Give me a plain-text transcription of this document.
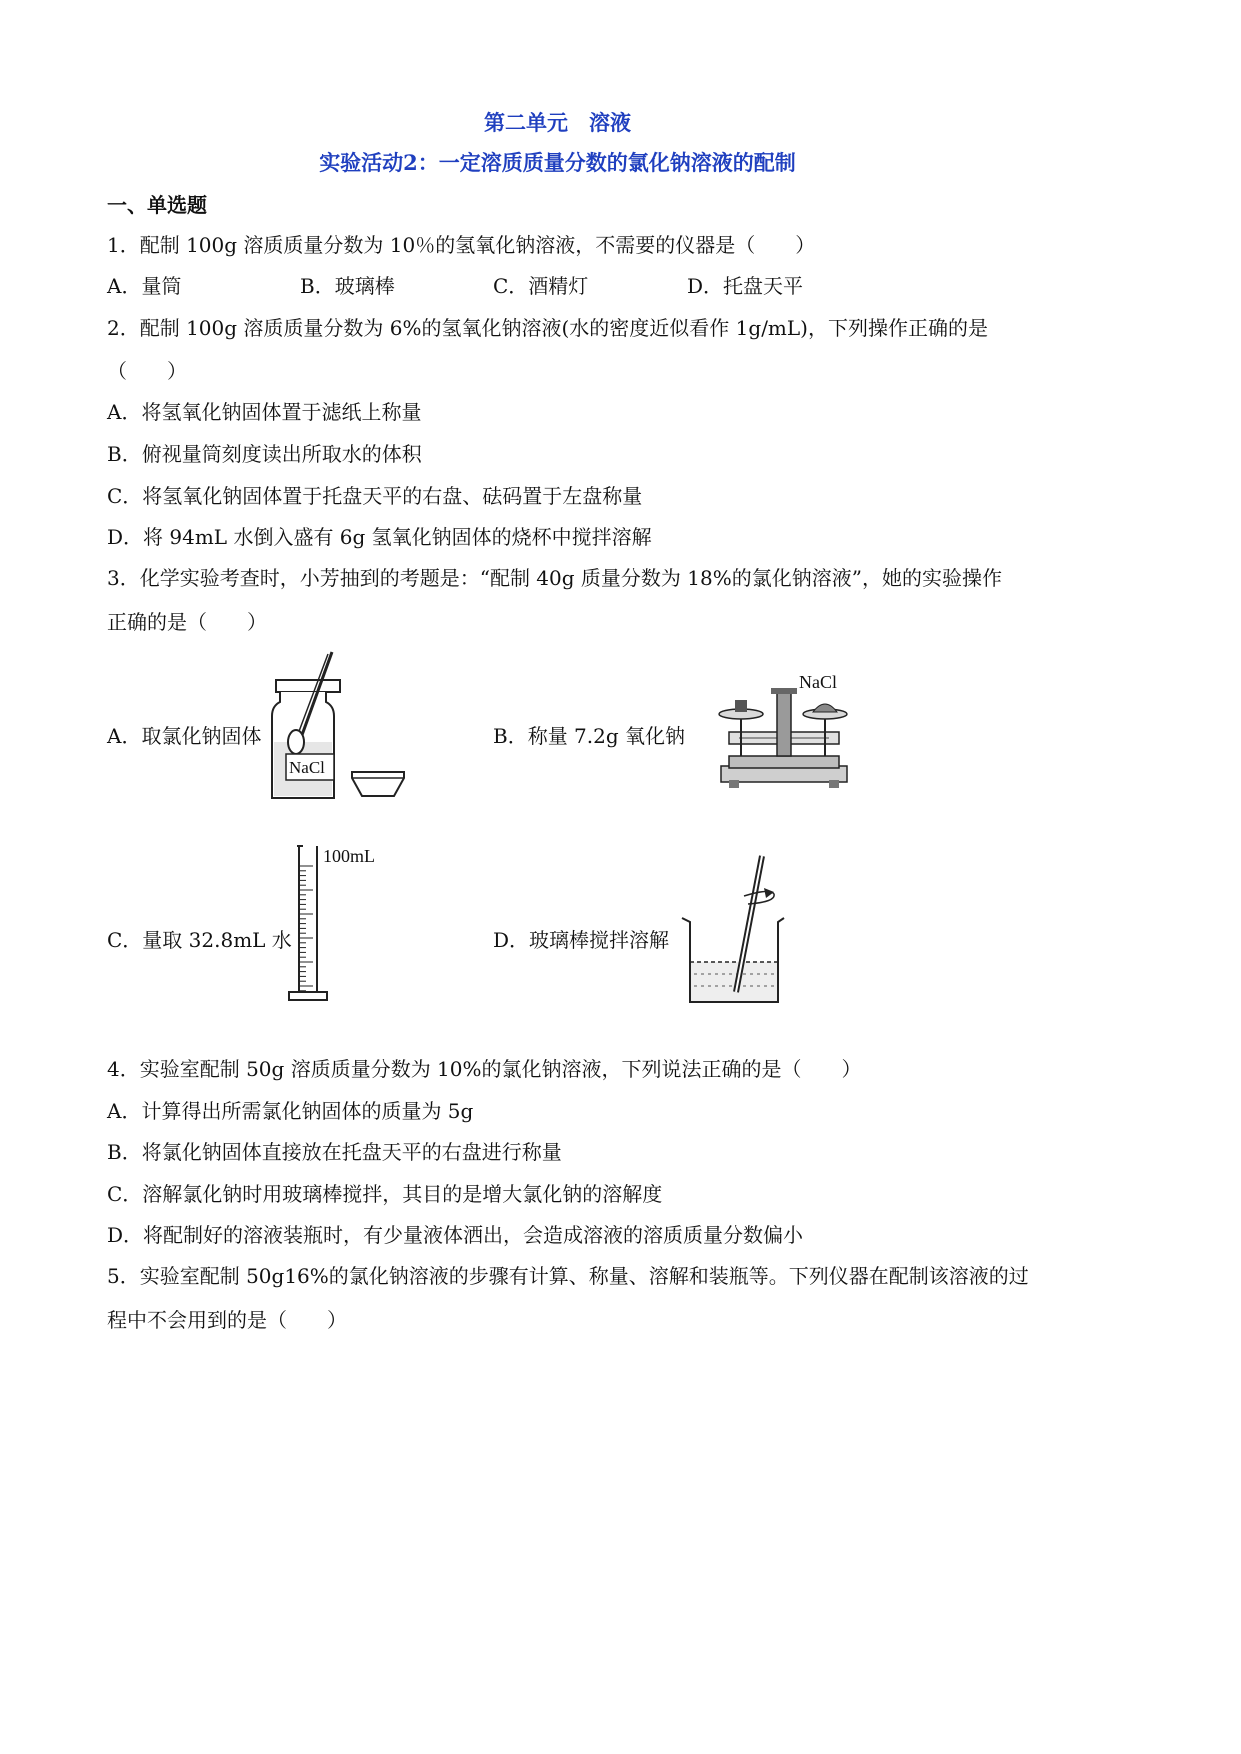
第二单元　溶液
实验活动2：一定溶质质量分数的氯化钠溶液的配制
一、单选题
1．配制 100g 溶质质量分数为 10％的氢氧化钠溶液，不需要的仪器是（　　）
A．量筒	B．玻璃棒	C．酒精灯	D．托盘天平
2．配制 100g 溶质质量分数为 6%的氢氧化钠溶液(水的密度近似看作 1g/mL)，下列操作正确的是
（　　）
A．将氢氧化钠固体置于滤纸上称量
B．俯视量筒刻度读出所取水的体积
C．将氢氧化钠固体置于托盘天平的右盘、砝码置于左盘称量
D．将 94mL 水倒入盛有 6g 氢氧化钠固体的烧杯中搅拌溶解
3．化学实验考查时，小芳抽到的考题是：“配制 40g 质量分数为 18%的氯化钠溶液”，她的实验操作
正确的是（　　）
A．取氯化钠固体	B．称量 7.2g 氧化钠
C．量取 32.8mL 水	D．玻璃棒搅拌溶解
NaCl
NaCl
100mL
4．实验室配制 50g 溶质质量分数为 10%的氯化钠溶液，下列说法正确的是（　　）
A．计算得出所需氯化钠固体的质量为 5g
B．将氯化钠固体直接放在托盘天平的右盘进行称量
C．溶解氯化钠时用玻璃棒搅拌，其目的是增大氯化钠的溶解度
D．将配制好的溶液装瓶时，有少量液体洒出，会造成溶液的溶质质量分数偏小
5．实验室配制 50g16%的氯化钠溶液的步骤有计算、称量、溶解和装瓶等。下列仪器在配制该溶液的过
程中不会用到的是（　　）
